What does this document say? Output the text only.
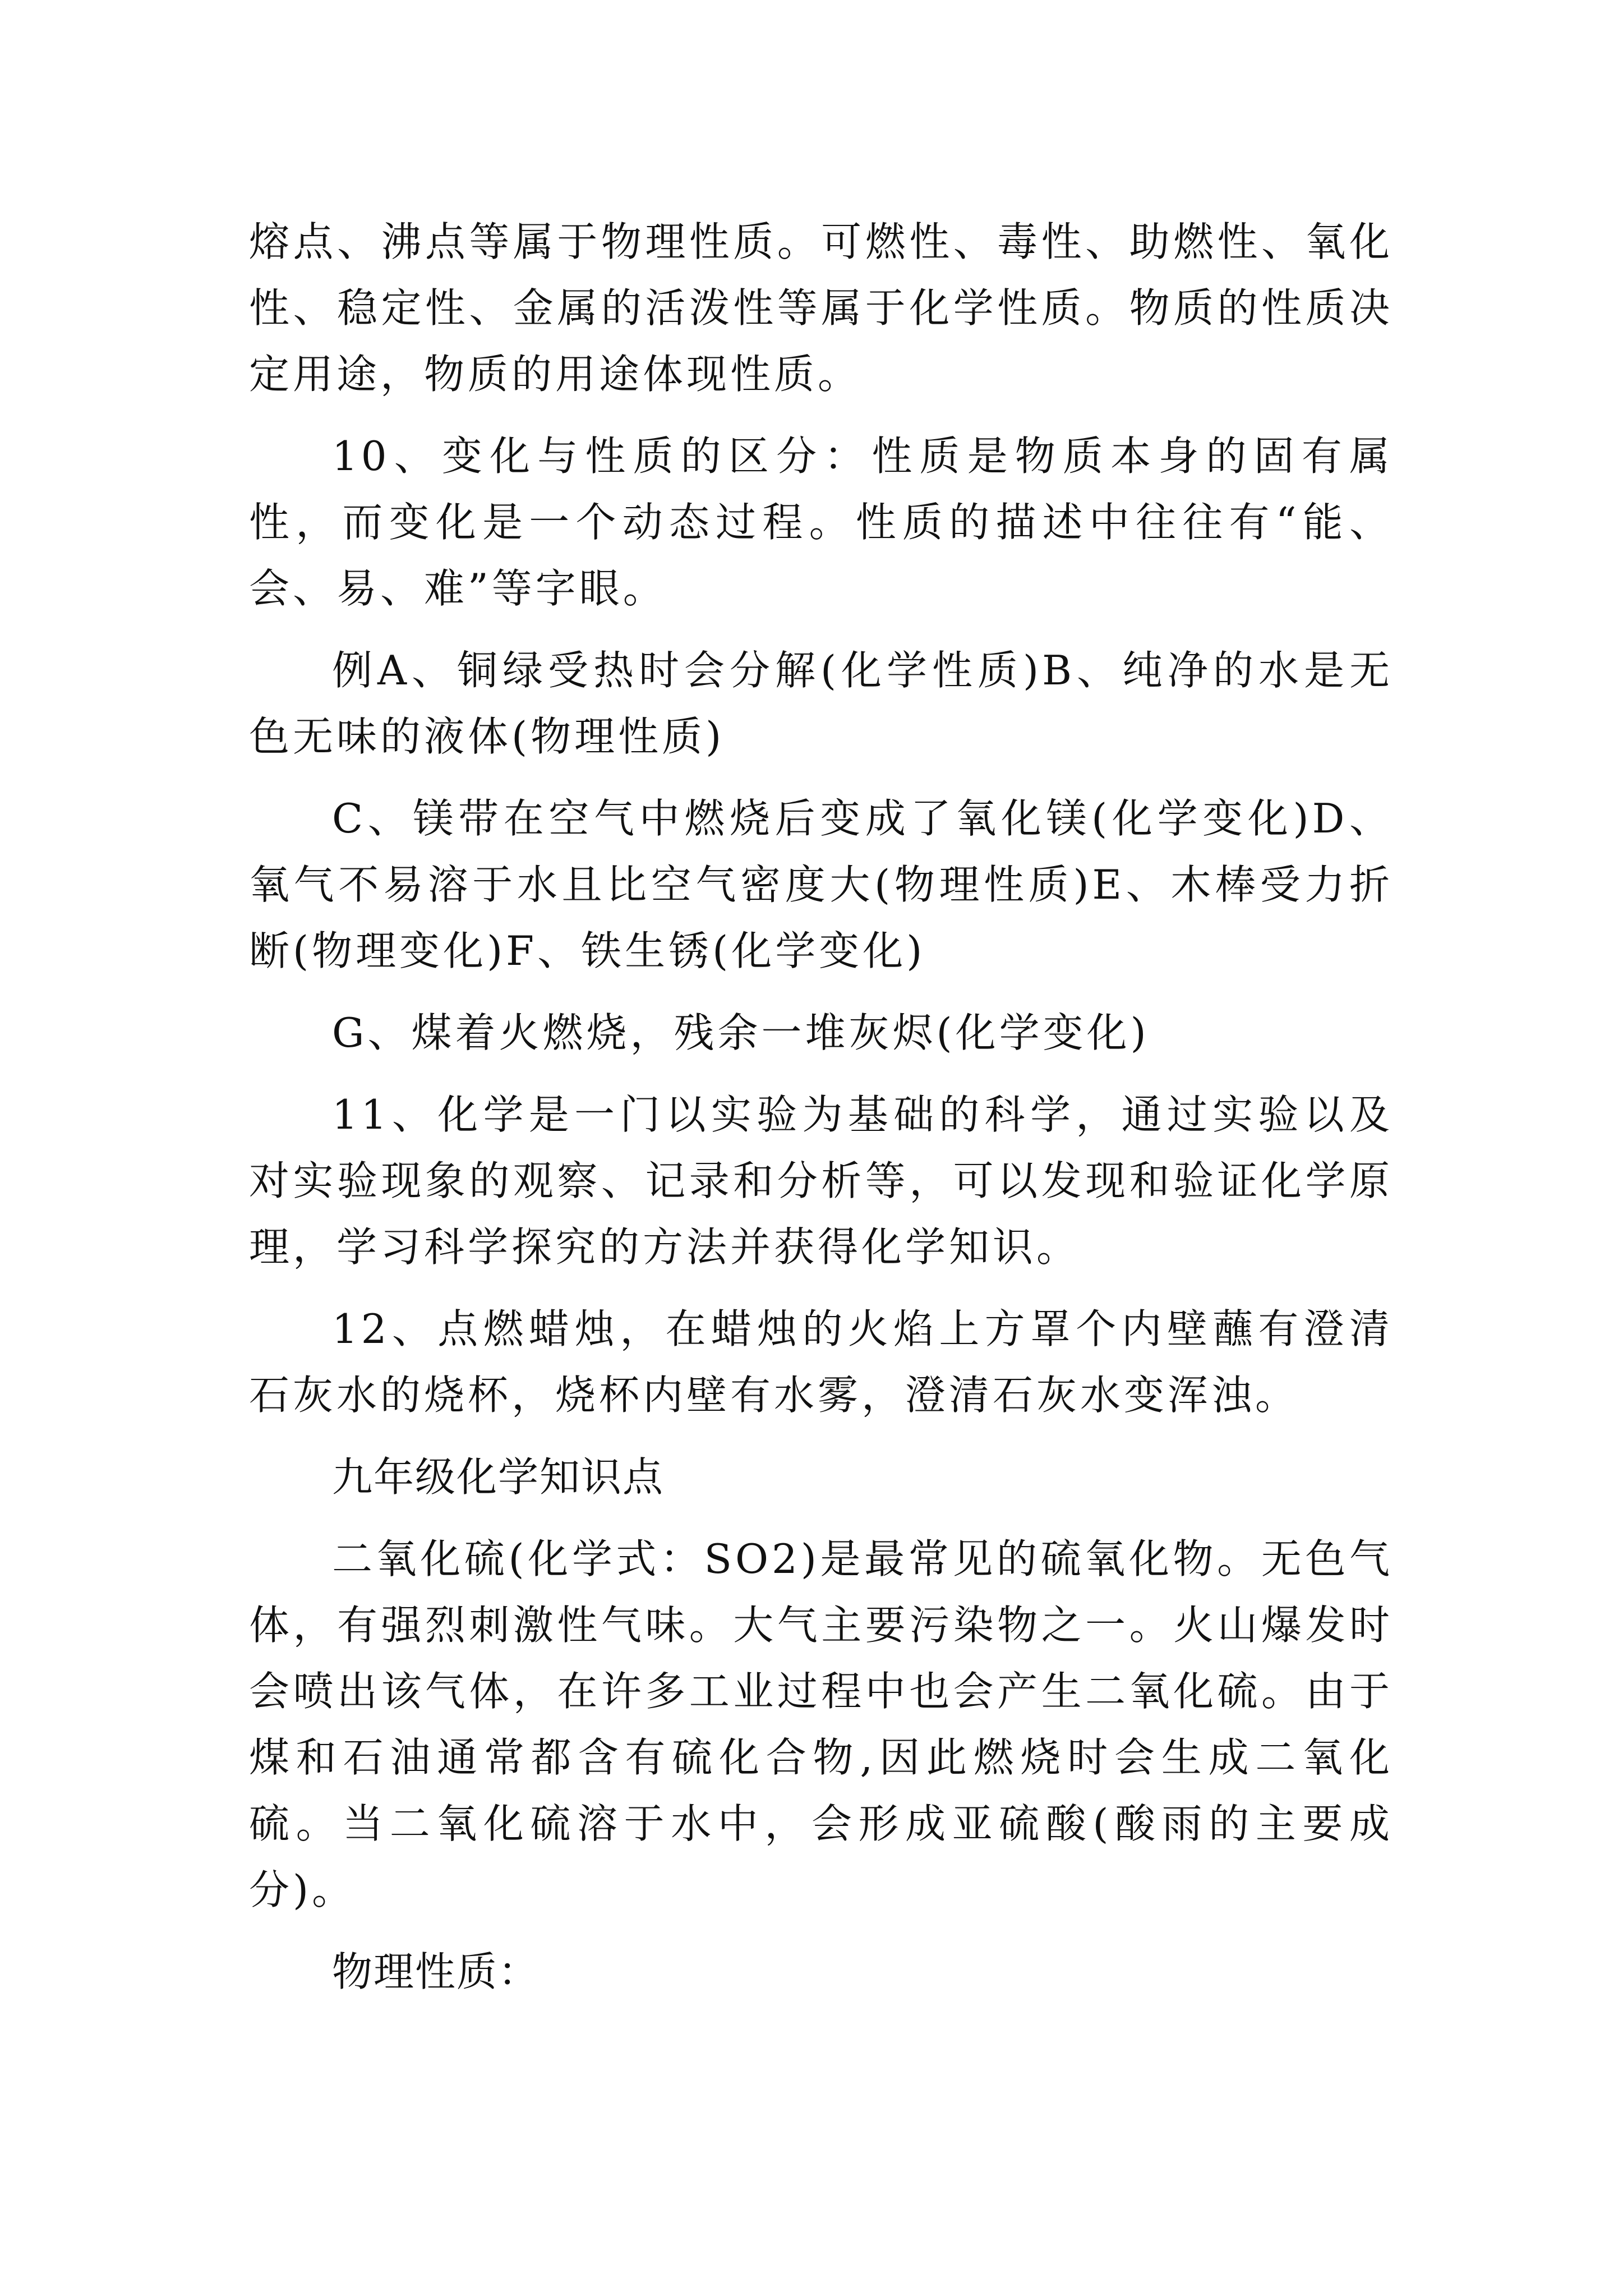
熔点、沸点等属于物理性质。可燃性、毒性、助燃性、氧化性、稳定性、金属的活泼性等属于化学性质。物质的性质决定用途，物质的用途体现性质。

10、变化与性质的区分：性质是物质本身的固有属性，而变化是一个动态过程。性质的描述中往往有“能、会、易、难”等字眼。

例A、铜绿受热时会分解(化学性质)B、纯净的水是无色无味的液体(物理性质)

C、镁带在空气中燃烧后变成了氧化镁(化学变化)D、氧气不易溶于水且比空气密度大(物理性质)E、木棒受力折断(物理变化)F、铁生锈(化学变化)

G、煤着火燃烧，残余一堆灰烬(化学变化)

11、化学是一门以实验为基础的科学，通过实验以及对实验现象的观察、记录和分析等，可以发现和验证化学原理，学习科学探究的方法并获得化学知识。

12、点燃蜡烛，在蜡烛的火焰上方罩个内壁蘸有澄清石灰水的烧杯，烧杯内壁有水雾，澄清石灰水变浑浊。

九年级化学知识点

二氧化硫(化学式：SO2)是最常见的硫氧化物。无色气体，有强烈刺激性气味。大气主要污染物之一。火山爆发时会喷出该气体，在许多工业过程中也会产生二氧化硫。由于煤和石油通常都含有硫化合物,因此燃烧时会生成二氧化硫。当二氧化硫溶于水中，会形成亚硫酸(酸雨的主要成分)。

物理性质：
